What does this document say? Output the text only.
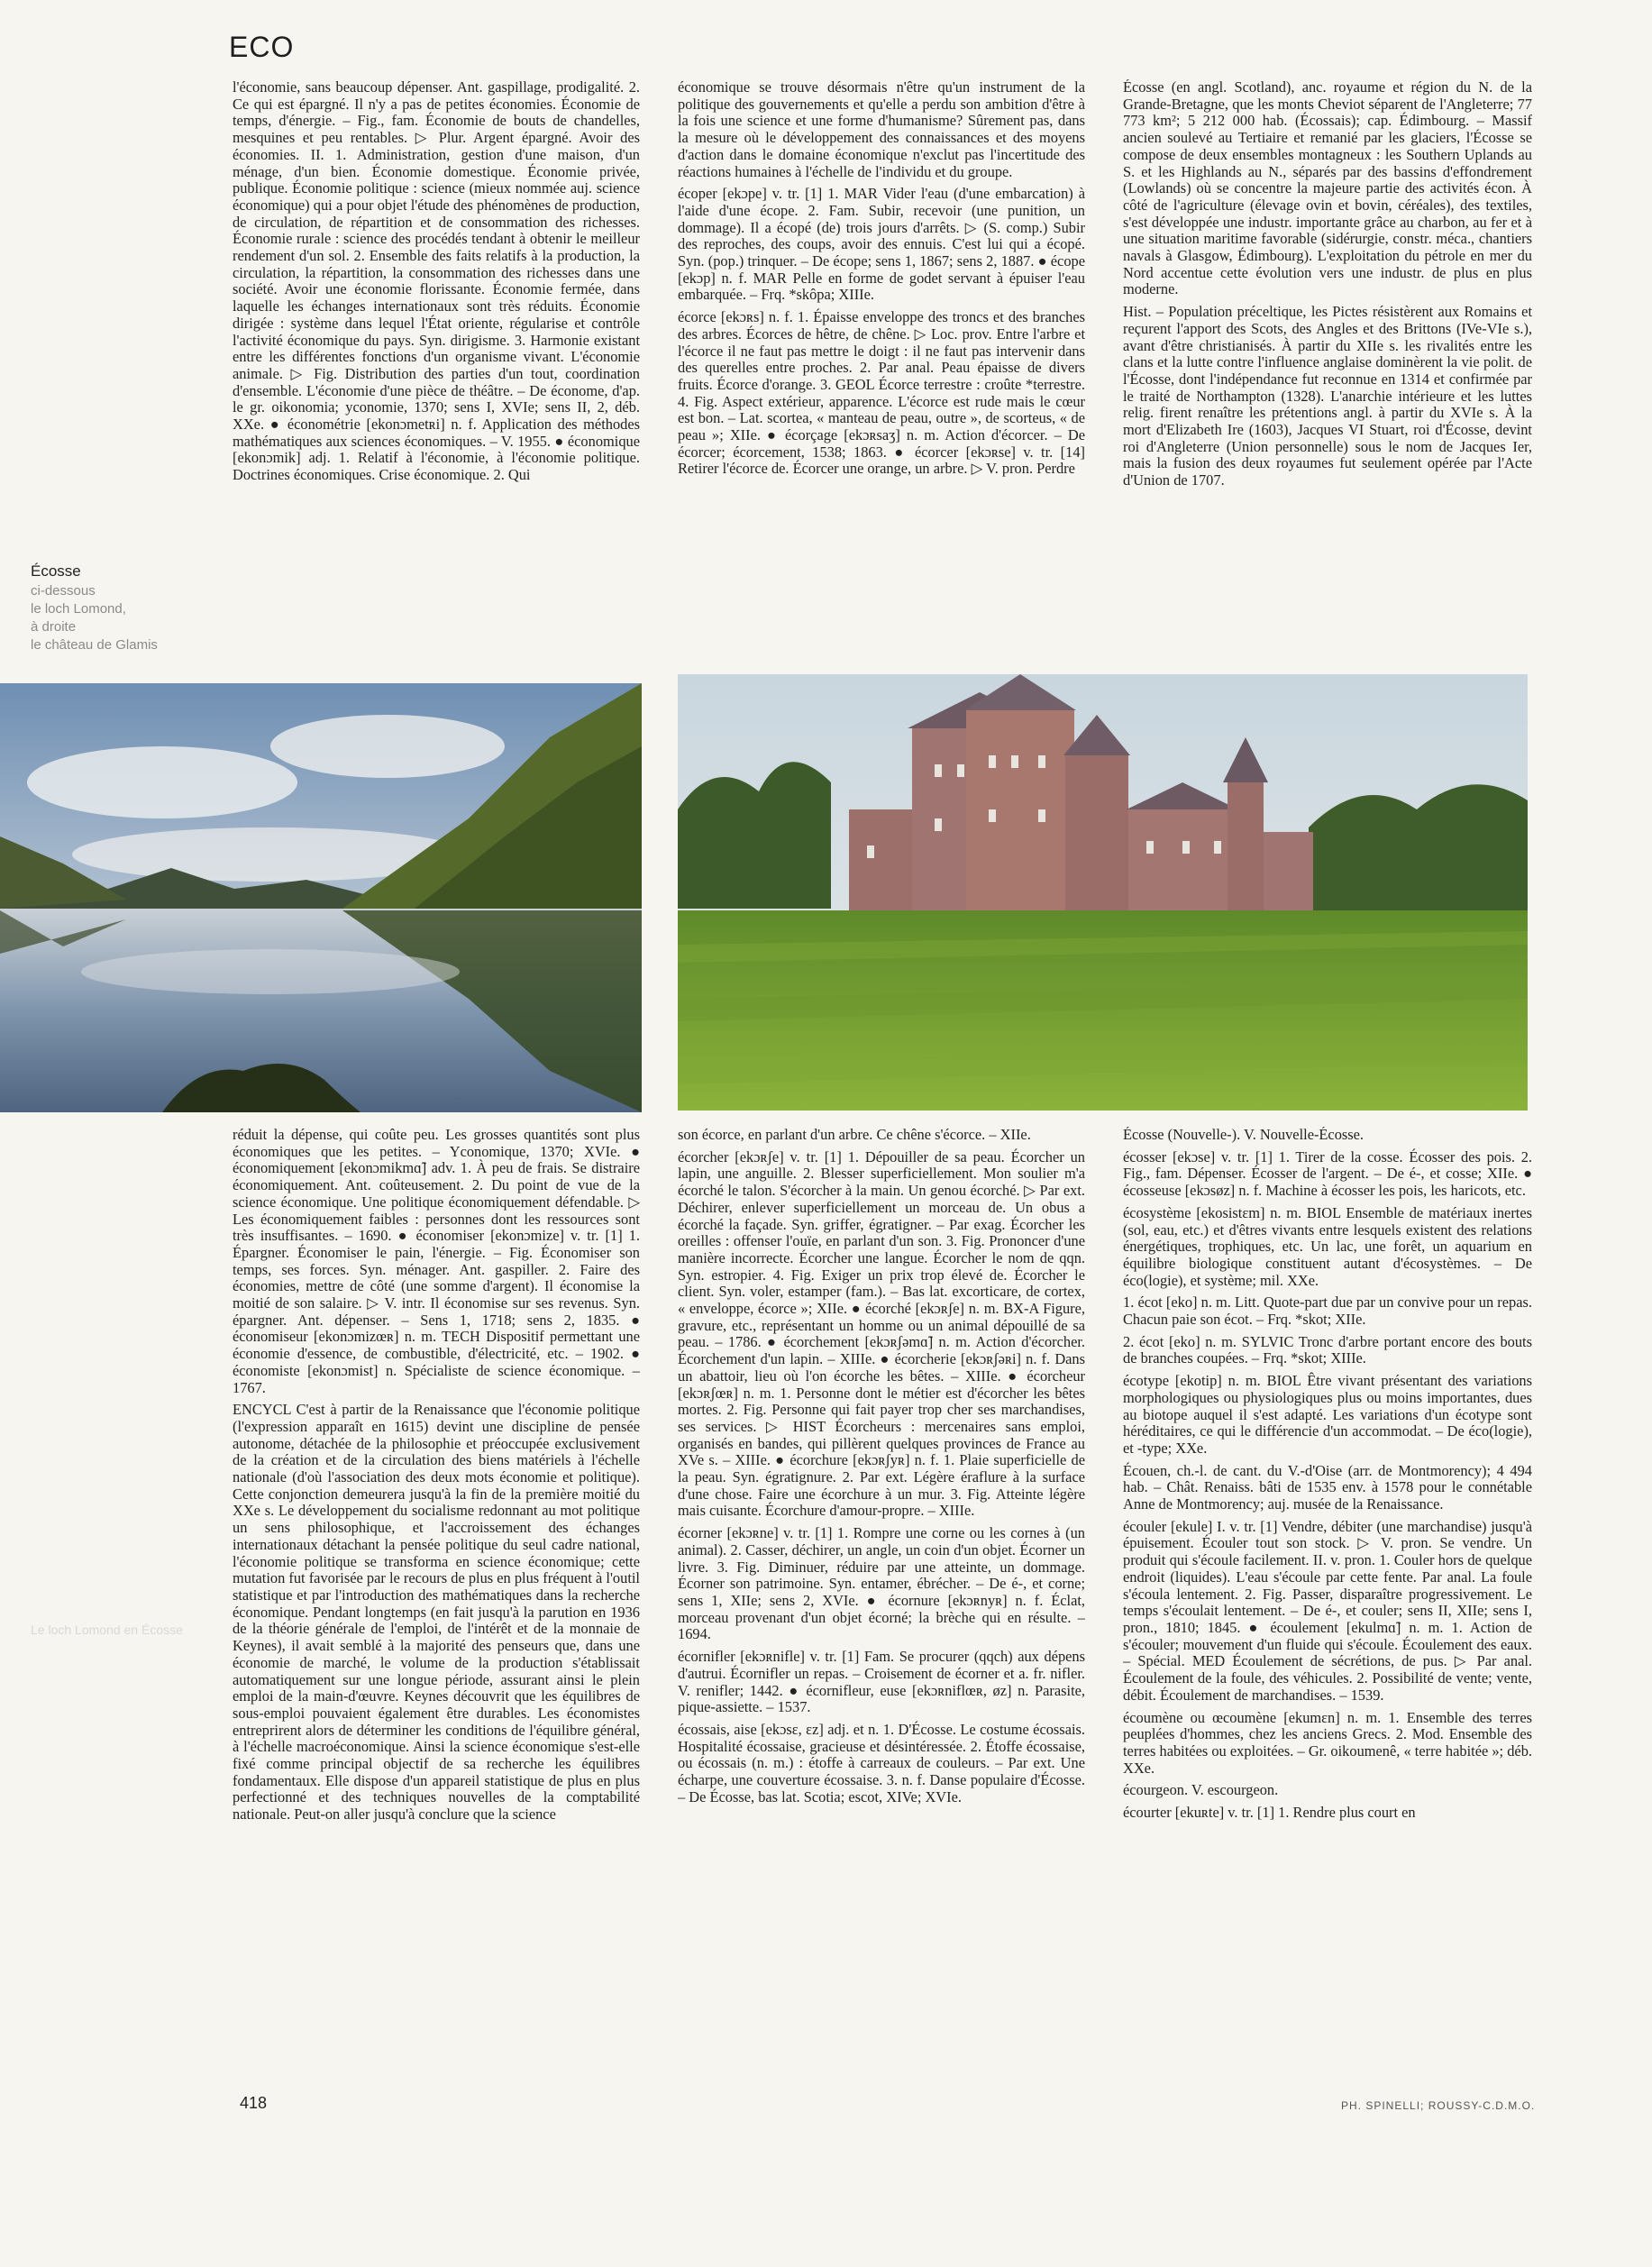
ECO
Écosse
ci-dessous
le loch Lomond,
à droite
le château de Glamis

l'économie, sans beaucoup dépenser. Ant. gaspillage, prodigalité. 2. Ce qui est épargné. Il n'y a pas de petites économies. Économie de temps, d'énergie. – Fig., fam. Économie de bouts de chandelles, mesquines et peu rentables. ▷ Plur. Argent épargné. Avoir des économies. II. 1. Administration, gestion d'une maison, d'un ménage, d'un bien. Économie domestique. Économie privée, publique. Économie politique : science (mieux nommée auj. science économique) qui a pour objet l'étude des phénomènes de production, de circulation, de répartition et de consommation des richesses. Économie rurale : science des procédés tendant à obtenir le meilleur rendement d'un sol. 2. Ensemble des faits relatifs à la production, la circulation, la répartition, la consommation des richesses dans une société. Avoir une économie florissante. Économie fermée, dans laquelle les échanges internationaux sont très réduits. Économie dirigée : système dans lequel l'État oriente, régularise et contrôle l'activité économique du pays. Syn. dirigisme. 3. Harmonie existant entre les différentes fonctions d'un organisme vivant. L'économie animale. ▷ Fig. Distribution des parties d'un tout, coordination d'ensemble. L'économie d'une pièce de théâtre. – De économe, d'ap. le gr. oikonomia; yconomie, 1370; sens I, XVIe; sens II, 2, déb. XXe. ● économétrie [ekonɔmetʀi] n. f. Application des méthodes mathématiques aux sciences économiques. – V. 1955. ● économique [ekonɔmik] adj. 1. Relatif à l'économie, à l'économie politique. Doctrines économiques. Crise économique. 2. Qui

économique se trouve désormais n'être qu'un instrument de la politique des gouvernements et qu'elle a perdu son ambition d'être à la fois une science et une forme d'humanisme? Sûrement pas, dans la mesure où le développement des connaissances et des moyens d'action dans le domaine économique n'exclut pas l'incertitude des réactions humaines à l'échelle de l'individu et du groupe.

écoper [ekɔpe] v. tr. [1] 1. MAR Vider l'eau (d'une embarcation) à l'aide d'une écope. 2. Fam. Subir, recevoir (une punition, un dommage). Il a écopé (de) trois jours d'arrêts. ▷ (S. comp.) Subir des reproches, des coups, avoir des ennuis. C'est lui qui a écopé. Syn. (pop.) trinquer. – De écope; sens 1, 1867; sens 2, 1887. ● écope [ekɔp] n. f. MAR Pelle en forme de godet servant à épuiser l'eau embarquée. – Frq. *skôpa; XIIIe.

écorce [ekɔʀs] n. f. 1. Épaisse enveloppe des troncs et des branches des arbres. Écorces de hêtre, de chêne. ▷ Loc. prov. Entre l'arbre et l'écorce il ne faut pas mettre le doigt : il ne faut pas intervenir dans des querelles entre proches. 2. Par anal. Peau épaisse de divers fruits. Écorce d'orange. 3. GEOL Écorce terrestre : croûte *terrestre. 4. Fig. Aspect extérieur, apparence. L'écorce est rude mais le cœur est bon. – Lat. scortea, « manteau de peau, outre », de scorteus, « de peau »; XIIe. ● écorçage [ekɔʀsaʒ] n. m. Action d'écorcer. – De écorcer; écorcement, 1538; 1863. ● écorcer [ekɔʀse] v. tr. [14] Retirer l'écorce de. Écorcer une orange, un arbre. ▷ V. pron. Perdre

Écosse (en angl. Scotland), anc. royaume et région du N. de la Grande-Bretagne, que les monts Cheviot séparent de l'Angleterre; 77 773 km²; 5 212 000 hab. (Écossais); cap. Édimbourg. – Massif ancien soulevé au Tertiaire et remanié par les glaciers, l'Écosse se compose de deux ensembles montagneux : les Southern Uplands au S. et les Highlands au N., séparés par des bassins d'effondrement (Lowlands) où se concentre la majeure partie des activités écon. À côté de l'agriculture (élevage ovin et bovin, céréales), des textiles, s'est développée une industr. importante grâce au charbon, au fer et à une situation maritime favorable (sidérurgie, constr. méca., chantiers navals à Glasgow, Édimbourg). L'exploitation du pétrole en mer du Nord accentue cette évolution vers une industr. de plus en plus moderne.

Hist. – Population préceltique, les Pictes résistèrent aux Romains et reçurent l'apport des Scots, des Angles et des Brittons (IVe-VIe s.), avant d'être christianisés. À partir du XIIe s. les rivalités entre les clans et la lutte contre l'influence anglaise dominèrent la vie polit. de l'Écosse, dont l'indépendance fut reconnue en 1314 et confirmée par le traité de Northampton (1328). L'anarchie intérieure et les luttes relig. firent renaître les prétentions angl. à partir du XVIe s. À la mort d'Elizabeth Ire (1603), Jacques VI Stuart, roi d'Écosse, devint roi d'Angleterre (Union personnelle) sous le nom de Jacques Ier, mais la fusion des deux royaumes fut seulement opérée par l'Acte d'Union de 1707.

réduit la dépense, qui coûte peu. Les grosses quantités sont plus économiques que les petites. – Yconomique, 1370; XVIe. ● économiquement [ekonɔmikmɑ̃] adv. 1. À peu de frais. Se distraire économiquement. Ant. coûteusement. 2. Du point de vue de la science économique. Une politique économiquement défendable. ▷ Les économiquement faibles : personnes dont les ressources sont très insuffisantes. – 1690. ● économiser [ekonɔmize] v. tr. [1] 1. Épargner. Économiser le pain, l'énergie. – Fig. Économiser son temps, ses forces. Syn. ménager. Ant. gaspiller. 2. Faire des économies, mettre de côté (une somme d'argent). Il économise la moitié de son salaire. ▷ V. intr. Il économise sur ses revenus. Syn. épargner. Ant. dépenser. – Sens 1, 1718; sens 2, 1835. ● économiseur [ekonɔmizœʀ] n. m. TECH Dispositif permettant une économie d'essence, de combustible, d'électricité, etc. – 1902. ● économiste [ekonɔmist] n. Spécialiste de science économique. – 1767.

ENCYCL C'est à partir de la Renaissance que l'économie politique (l'expression apparaît en 1615) devint une discipline de pensée autonome, détachée de la philosophie et préoccupée exclusivement de la création et de la circulation des biens matériels à l'échelle nationale (d'où l'association des deux mots économie et politique). Cette conjonction demeurera jusqu'à la fin de la première moitié du XXe s. Le développement du socialisme redonnant au mot politique un sens philosophique, et l'accroissement des échanges internationaux détachant la pensée politique du seul cadre national, l'économie politique se transforma en science économique; cette mutation fut favorisée par le recours de plus en plus fréquent à l'outil statistique et par l'introduction des mathématiques dans la recherche économique. Pendant longtemps (en fait jusqu'à la parution en 1936 de la théorie générale de l'emploi, de l'intérêt et de la monnaie de Keynes), il avait semblé à la majorité des penseurs que, dans une économie de marché, le volume de la production s'établissait automatiquement sur une longue période, assurant ainsi le plein emploi de la main-d'œuvre. Keynes découvrit que les équilibres de sous-emploi pouvaient également être durables. Les économistes entreprirent alors de déterminer les conditions de l'équilibre général, à l'échelle macroéconomique. Ainsi la science économique s'est-elle fixé comme principal objectif de sa recherche les équilibres fondamentaux. Elle dispose d'un appareil statistique de plus en plus perfectionné et des techniques nouvelles de la comptabilité nationale. Peut-on aller jusqu'à conclure que la science

son écorce, en parlant d'un arbre. Ce chêne s'écorce. – XIIe.

écorcher [ekɔʀʃe] v. tr. [1] 1. Dépouiller de sa peau. Écorcher un lapin, une anguille. 2. Blesser superficiellement. Mon soulier m'a écorché le talon. S'écorcher à la main. Un genou écorché. ▷ Par ext. Déchirer, enlever superficiellement un morceau de. Un obus a écorché la façade. Syn. griffer, égratigner. – Par exag. Écorcher les oreilles : offenser l'ouïe, en parlant d'un son. 3. Fig. Prononcer d'une manière incorrecte. Écorcher une langue. Écorcher le nom de qqn. Syn. estropier. 4. Fig. Exiger un prix trop élevé de. Écorcher le client. Syn. voler, estamper (fam.). – Bas lat. excorticare, de cortex, « enveloppe, écorce »; XIIe. ● écorché [ekɔʀʃe] n. m. BX-A Figure, gravure, etc., représentant un homme ou un animal dépouillé de sa peau. – 1786. ● écorchement [ekɔʀʃəmɑ̃] n. m. Action d'écorcher. Écorchement d'un lapin. – XIIIe. ● écorcherie [ekɔʀʃəʀi] n. f. Dans un abattoir, lieu où l'on écorche les bêtes. – XIIIe. ● écorcheur [ekɔʀʃœʀ] n. m. 1. Personne dont le métier est d'écorcher les bêtes mortes. 2. Fig. Personne qui fait payer trop cher ses marchandises, ses services. ▷ HIST Écorcheurs : mercenaires sans emploi, organisés en bandes, qui pillèrent quelques provinces de France au XVe s. – XIIIe. ● écorchure [ekɔʀʃyʀ] n. f. 1. Plaie superficielle de la peau. Syn. égratignure. 2. Par ext. Légère éraflure à la surface d'une chose. Faire une écorchure à un mur. 3. Fig. Atteinte légère mais cuisante. Écorchure d'amour-propre. – XIIIe.

écorner [ekɔʀne] v. tr. [1] 1. Rompre une corne ou les cornes à (un animal). 2. Casser, déchirer, un angle, un coin d'un objet. Écorner un livre. 3. Fig. Diminuer, réduire par une atteinte, un dommage. Écorner son patrimoine. Syn. entamer, ébrécher. – De é-, et corne; sens 1, XIIe; sens 2, XVIe. ● écornure [ekɔʀnyʀ] n. f. Éclat, morceau provenant d'un objet écorné; la brèche qui en résulte. – 1694.

écornifler [ekɔʀnifle] v. tr. [1] Fam. Se procurer (qqch) aux dépens d'autrui. Écornifler un repas. – Croisement de écorner et a. fr. nifler. V. renifler; 1442. ● écornifleur, euse [ekɔʀniflœʀ, øz] n. Parasite, pique-assiette. – 1537.

écossais, aise [ekɔsɛ, ɛz] adj. et n. 1. D'Écosse. Le costume écossais. Hospitalité écossaise, gracieuse et désintéressée. 2. Étoffe écossaise, ou écossais (n. m.) : étoffe à carreaux de couleurs. – Par ext. Une écharpe, une couverture écossaise. 3. n. f. Danse populaire d'Écosse. – De Écosse, bas lat. Scotia; escot, XIVe; XVIe.

Écosse (Nouvelle-). V. Nouvelle-Écosse.

écosser [ekɔse] v. tr. [1] 1. Tirer de la cosse. Écosser des pois. 2. Fig., fam. Dépenser. Écosser de l'argent. – De é-, et cosse; XIIe. ● écosseuse [ekɔsøz] n. f. Machine à écosser les pois, les haricots, etc.

écosystème [ekosistɛm] n. m. BIOL Ensemble de matériaux inertes (sol, eau, etc.) et d'êtres vivants entre lesquels existent des relations énergétiques, trophiques, etc. Un lac, une forêt, un aquarium en équilibre biologique constituent autant d'écosystèmes. – De éco(logie), et système; mil. XXe.

1. écot [eko] n. m. Litt. Quote-part due par un convive pour un repas. Chacun paie son écot. – Frq. *skot; XIIe.

2. écot [eko] n. m. SYLVIC Tronc d'arbre portant encore des bouts de branches coupées. – Frq. *skot; XIIIe.

écotype [ekotip] n. m. BIOL Être vivant présentant des variations morphologiques ou physiologiques plus ou moins importantes, dues au biotope auquel il s'est adapté. Les variations d'un écotype sont héréditaires, ce qui le différencie d'un accommodat. – De éco(logie), et -type; XXe.

Écouen, ch.-l. de cant. du V.-d'Oise (arr. de Montmorency); 4 494 hab. – Chât. Renaiss. bâti de 1535 env. à 1578 pour le connétable Anne de Montmorency; auj. musée de la Renaissance.

écouler [ekule] I. v. tr. [1] Vendre, débiter (une marchandise) jusqu'à épuisement. Écouler tout son stock. ▷ V. pron. Se vendre. Un produit qui s'écoule facilement. II. v. pron. 1. Couler hors de quelque endroit (liquides). L'eau s'écoule par cette fente. Par anal. La foule s'écoula lentement. 2. Fig. Passer, disparaître progressivement. Le temps s'écoulait lentement. – De é-, et couler; sens II, XIIe; sens I, pron., 1810; 1845. ● écoulement [ekulmɑ̃] n. m. 1. Action de s'écouler; mouvement d'un fluide qui s'écoule. Écoulement des eaux. – Spécial. MED Écoulement de sécrétions, de pus. ▷ Par anal. Écoulement de la foule, des véhicules. 2. Possibilité de vente; vente, débit. Écoulement de marchandises. – 1539.

écoumène ou œcoumène [ekumɛn] n. m. 1. Ensemble des terres peuplées d'hommes, chez les anciens Grecs. 2. Mod. Ensemble des terres habitées ou exploitées. – Gr. oikoumenê, « terre habitée »; déb. XXe.

écourgeon. V. escourgeon.

écourter [ekuʀte] v. tr. [1] 1. Rendre plus court en

Le loch Lomond en Écosse
418	PH. SPINELLI; ROUSSY-C.D.M.O.
